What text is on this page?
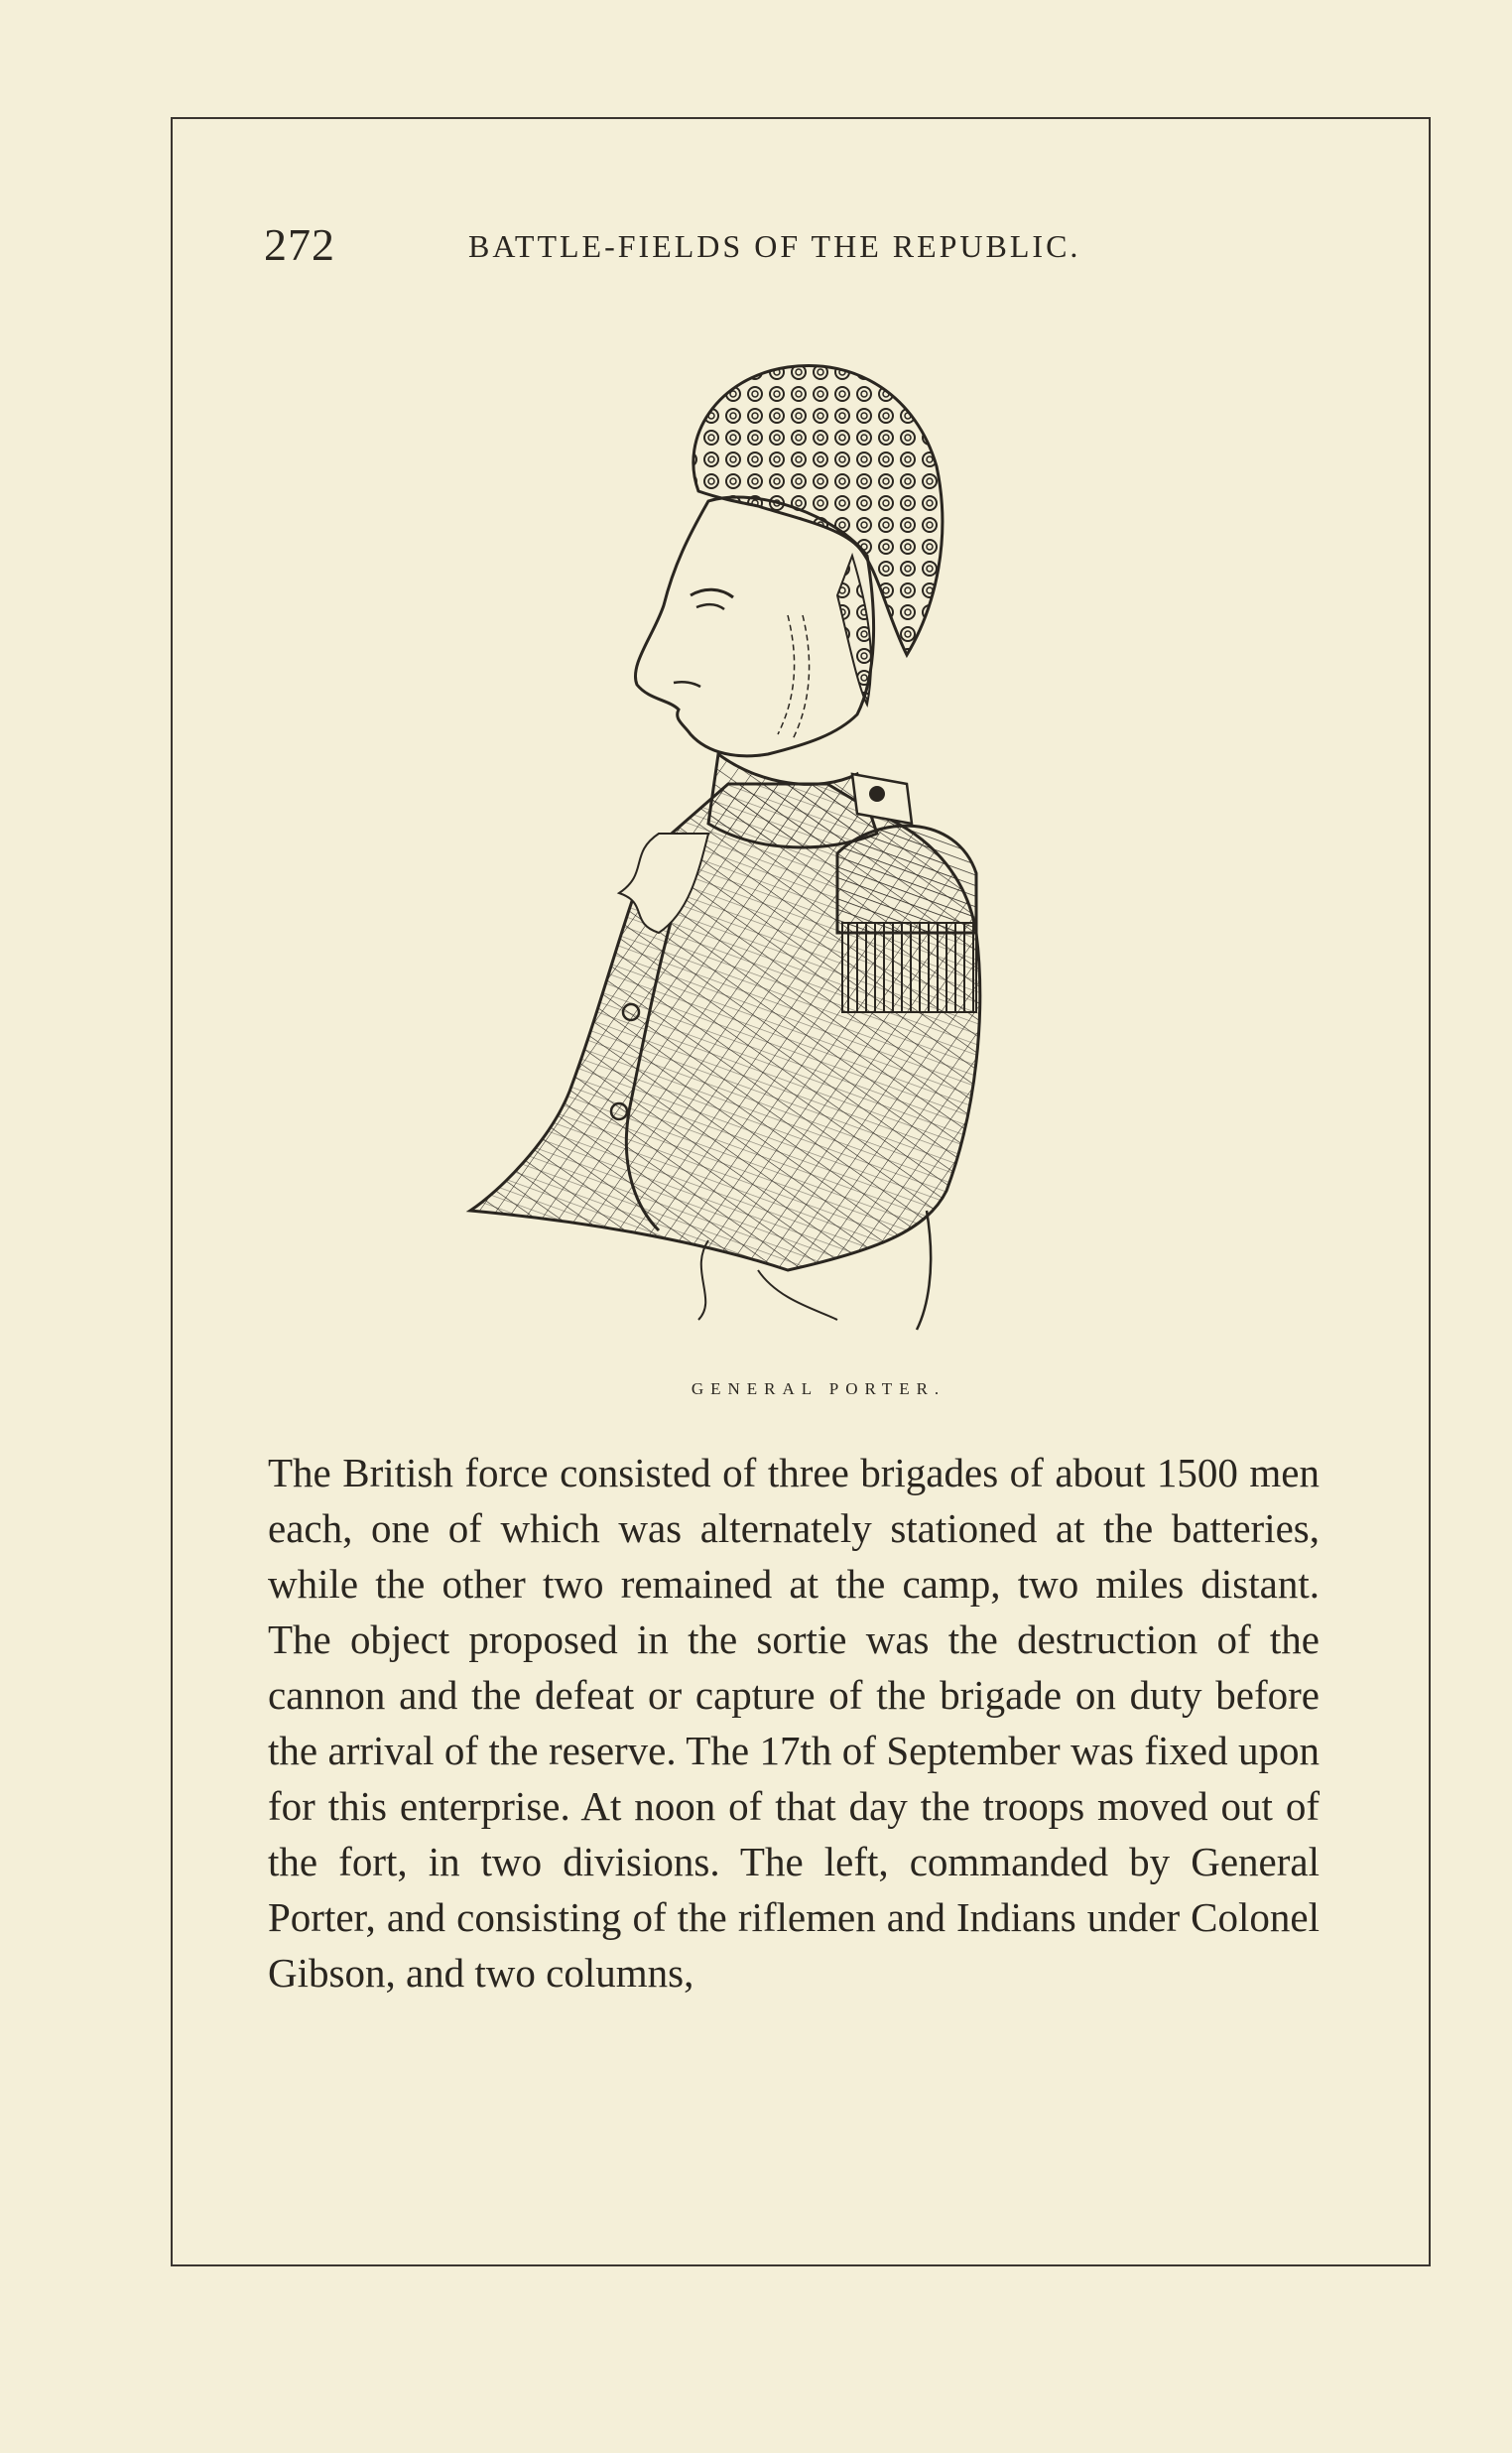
272	BATTLE-FIELDS OF THE REPUBLIC.
GENERAL PORTER.

The British force consisted of three brigades of about 1500 men each, one of which was alternately stationed at the batteries, while the other two remained at the camp, two miles distant. The object proposed in the sortie was the destruction of the cannon and the defeat or capture of the brigade on duty before the arrival of the reserve. The 17th of September was fixed upon for this enterprise. At noon of that day the troops moved out of the fort, in two divisions. The left, commanded by General Porter, and consisting of the riflemen and Indians under Colonel Gibson, and two columns,
